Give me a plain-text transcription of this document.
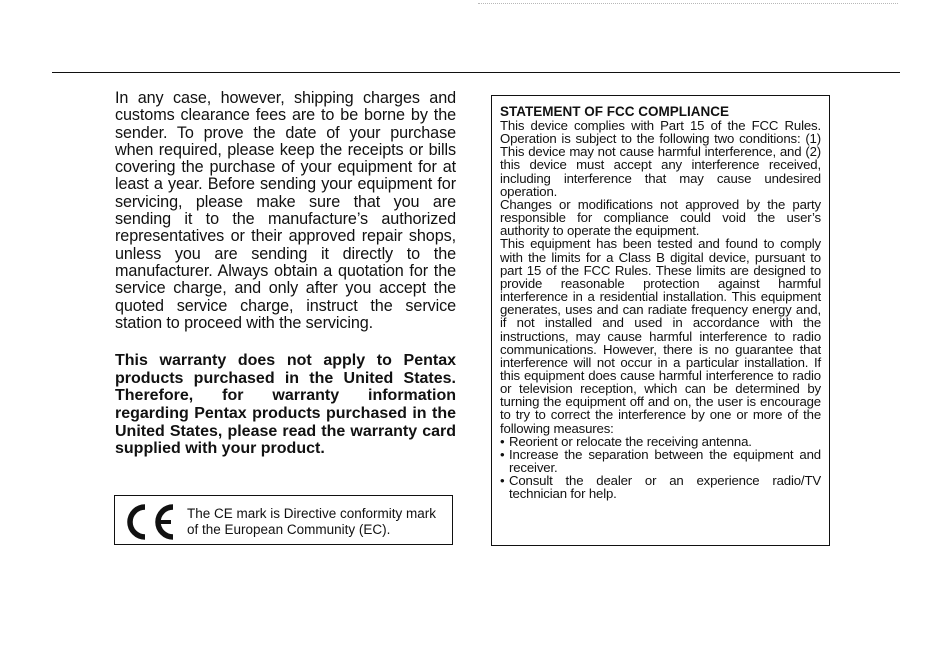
In any case, however, shipping charges and customs clearance fees are to be borne by the sender. To prove the date of your purchase when required, please keep the receipts or bills covering the purchase of your equipment for at least a year. Before sending your equipment for servicing, please make sure that you are sending it to the manufacture’s authorized representatives or their approved repair shops, unless you are sending it directly to the manufacturer. Always obtain a quotation for the service charge, and only after you accept the quoted service charge, instruct the service station to proceed with the servicing.

This warranty does not apply to Pentax products purchased in the United States. Therefore, for warranty information regarding Pentax products purchased in the United States, please read the warranty card supplied with your product.

The CE mark is Directive conformity mark of the European Community (EC).

STATEMENT OF FCC COMPLIANCE

This device complies with Part 15 of the FCC Rules. Operation is subject to the following two conditions: (1) This device may not cause harmful interference, and (2) this device must accept any interference received, including interference that may cause undesired operation.

Changes or modifications not approved by the party responsible for compliance could void the user’s authority to operate the equipment.

This equipment has been tested and found to comply with the limits for a Class B digital device, pursuant to part 15 of the FCC Rules. These limits are designed to provide reasonable protection against harmful interference in a residential installation. This equipment generates, uses and can radiate frequency energy and, if not installed and used in accordance with the instructions, may cause harmful interference to radio communications. However, there is no guarantee that interference will not occur in a particular installation. If this equipment does cause harmful interference to radio or television reception, which can be determined by turning the equipment off and on, the user is encourage to try to correct the interference by one or more of the following measures:

• Reorient or relocate the receiving antenna.
• Increase the separation between the equipment and receiver.
• Consult the dealer or an experience radio/TV technician for help.
